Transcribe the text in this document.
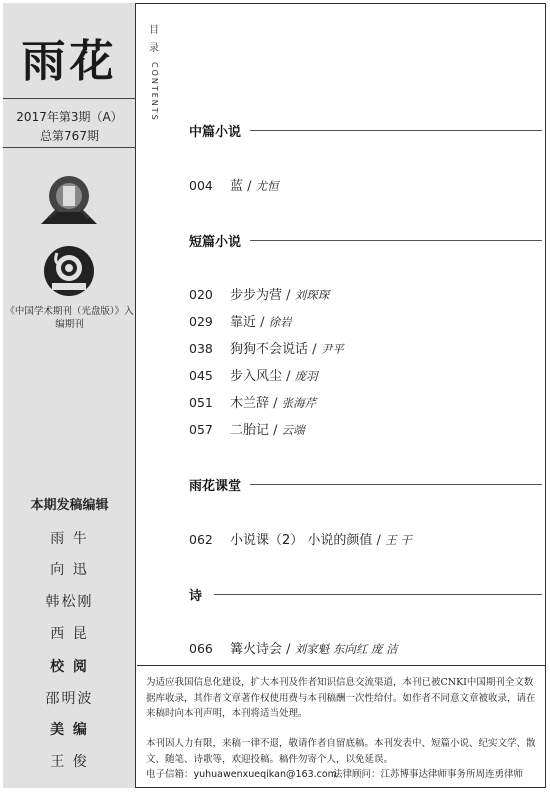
雨花
2017年第3期（A）
总第767期
《中国学术期刊（光盘版）》入编期刊
本期发稿编辑
雨 牛
向 迅
韩松刚
西 昆
校 阅
邵明波
美 编
王 俊
目
录
CONTENTS
中篇小说
004 蓝 / 尤恒
短篇小说
020 步步为营 / 刘琛琛
029 靠近 / 徐岩
038 狗狗不会说话 / 尹平
045 步入风尘 / 庞羽
051 木兰辞 / 张海芹
057 二胎记 / 云端
雨花课堂
062 小说课（2） 小说的颜值 / 王 干
诗
066 篝火诗会 / 刘家魁 东向红 庞 洁

为适应我国信息化建设，扩大本刊及作者知识信息交流渠道，本刊已被CNKI中国期刊全文数据库收录，其作者文章著作权使用费与本刊稿酬一次性给付。如作者不同意文章被收录，请在来稿时向本刊声明，本刊将适当处理。

本刊因人力有限，来稿一律不退，敬请作者自留底稿。本刊发表中、短篇小说、纪实文学、散文、随笔、诗歌等，欢迎投稿。稿件勿寄个人，以免延误。

电子信箱：yuhuawenxueqikan@163.com

法律顾问：江苏博事达律师事务所周连勇律师
